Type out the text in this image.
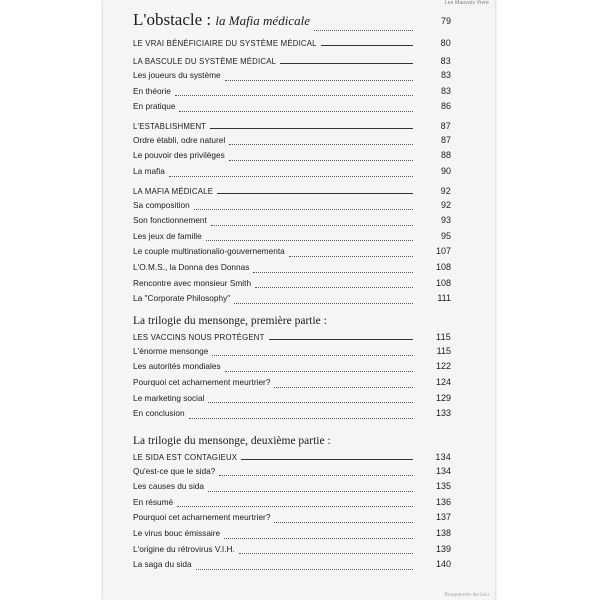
Les Mauvais Vivre
L'obstacle : la Mafia médicale	79
LE VRAI BÉNÉFICIAIRE DU SYSTÈME MÉDICAL	80
LA BASCULE DU SYSTÈME MÉDICAL	83
Les joueurs du système	83
En théorie	83
En pratique	86
L'ESTABLISHMENT	87
Ordre établi, odre naturel	87
Le pouvoir des privilèges	88
La mafia	90
LA MAFIA MÉDICALE	92
Sa composition	92
Son fonctionnement	93
Les jeux de famille	95
Le couple multinationalio-gouvernementa	107
L'O.M.S., la Donna des Donnas	108
Rencontre avec monsieur Smith	108
La "Corporate Philosophy"	111
La trilogie du mensonge, première partie :
LES VACCINS NOUS PROTÈGENT	115
L'énorme mensonge	115
Les autorités mondiales	122
Pourquoi cet acharnement meurtrier?	124
Le marketing social	129
En conclusion	133
La trilogie du mensonge, deuxième partie :
LE SIDA EST CONTAGIEUX	134
Qu'est-ce que le sida?	134
Les causes du sida	135
En résumé	136
Pourquoi cet acharnement meurtrier?	137
Le virus bouc émissaire	138
L'origine du rétrovirus V.I.H.	139
La saga du sida	140
Bouquinerie du Lieu
